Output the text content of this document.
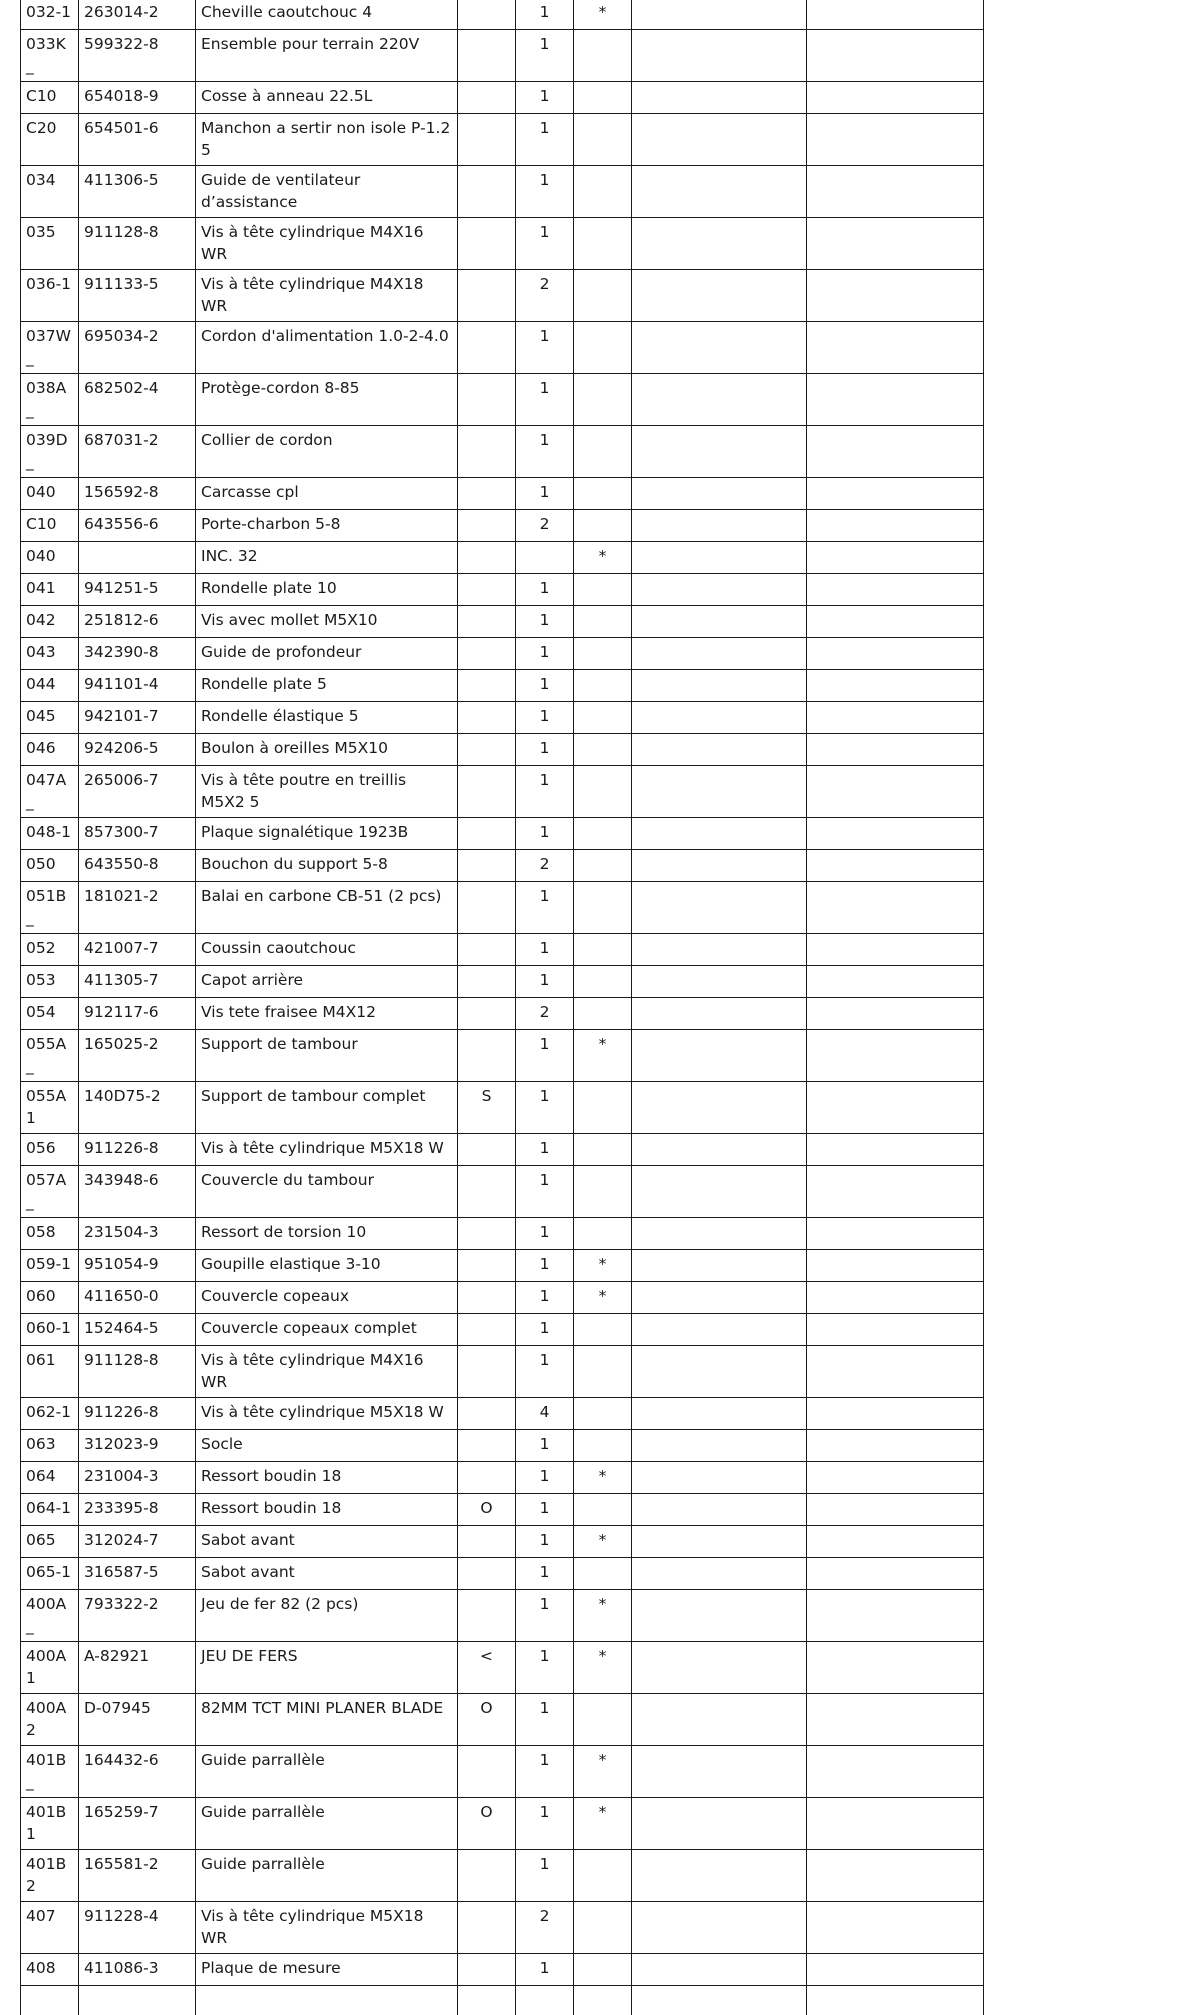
032-1	263014-2	Cheville caoutchouc 4		1	*		
033K_	599322-8	Ensemble pour terrain 220V		1			
C10	654018-9	Cosse à anneau 22.5L		1			
C20	654501-6	Manchon a sertir non isole P-1.2 5		1			
034	411306-5	Guide de ventilateur d’assistance		1			
035	911128-8	Vis à tête cylindrique M4X16 WR		1			
036-1	911133-5	Vis à tête cylindrique M4X18 WR		2			
037W _	695034-2	Cordon d'alimentation 1.0-2-4.0		1			
038A_	682502-4	Protège-cordon 8-85		1			
039D_	687031-2	Collier de cordon		1			
040	156592-8	Carcasse cpl		1			
C10	643556-6	Porte-charbon 5-8		2			
040		INC. 32			*		
041	941251-5	Rondelle plate 10		1			
042	251812-6	Vis avec mollet M5X10		1			
043	342390-8	Guide de profondeur		1			
044	941101-4	Rondelle plate 5		1			
045	942101-7	Rondelle élastique 5		1			
046	924206-5	Boulon à oreilles M5X10		1			
047A_	265006-7	Vis à tête poutre en treillis M5X2 5		1			
048-1	857300-7	Plaque signalétique 1923B		1			
050	643550-8	Bouchon du support 5-8		2			
051B_	181021-2	Balai en carbone CB-51 (2 pcs)		1			
052	421007-7	Coussin caoutchouc		1			
053	411305-7	Capot arrière		1			
054	912117-6	Vis tete fraisee M4X12		2			
055A_	165025-2	Support de tambour		1	*		
055A1	140D75-2	Support de tambour complet	S	1			
056	911226-8	Vis à tête cylindrique M5X18 W		1			
057A_	343948-6	Couvercle du tambour		1			
058	231504-3	Ressort de torsion 10		1			
059-1	951054-9	Goupille elastique 3-10		1	*		
060	411650-0	Couvercle copeaux		1	*		
060-1	152464-5	Couvercle copeaux complet		1			
061	911128-8	Vis à tête cylindrique M4X16 WR		1			
062-1	911226-8	Vis à tête cylindrique M5X18 W		4			
063	312023-9	Socle		1			
064	231004-3	Ressort boudin 18		1	*		
064-1	233395-8	Ressort boudin 18	O	1			
065	312024-7	Sabot avant		1	*		
065-1	316587-5	Sabot avant		1			
400A_	793322-2	Jeu de fer 82 (2 pcs)		1	*		
400A1	A-82921	JEU DE FERS	<	1	*		
400A2	D-07945	82MM TCT MINI PLANER BLADE	O	1			
401B_	164432-6	Guide parrallèle		1	*		
401B1	165259-7	Guide parrallèle	O	1	*		
401B2	165581-2	Guide parrallèle		1			
407	911228-4	Vis à tête cylindrique M5X18 WR		2			
408	411086-3	Plaque de mesure		1			
